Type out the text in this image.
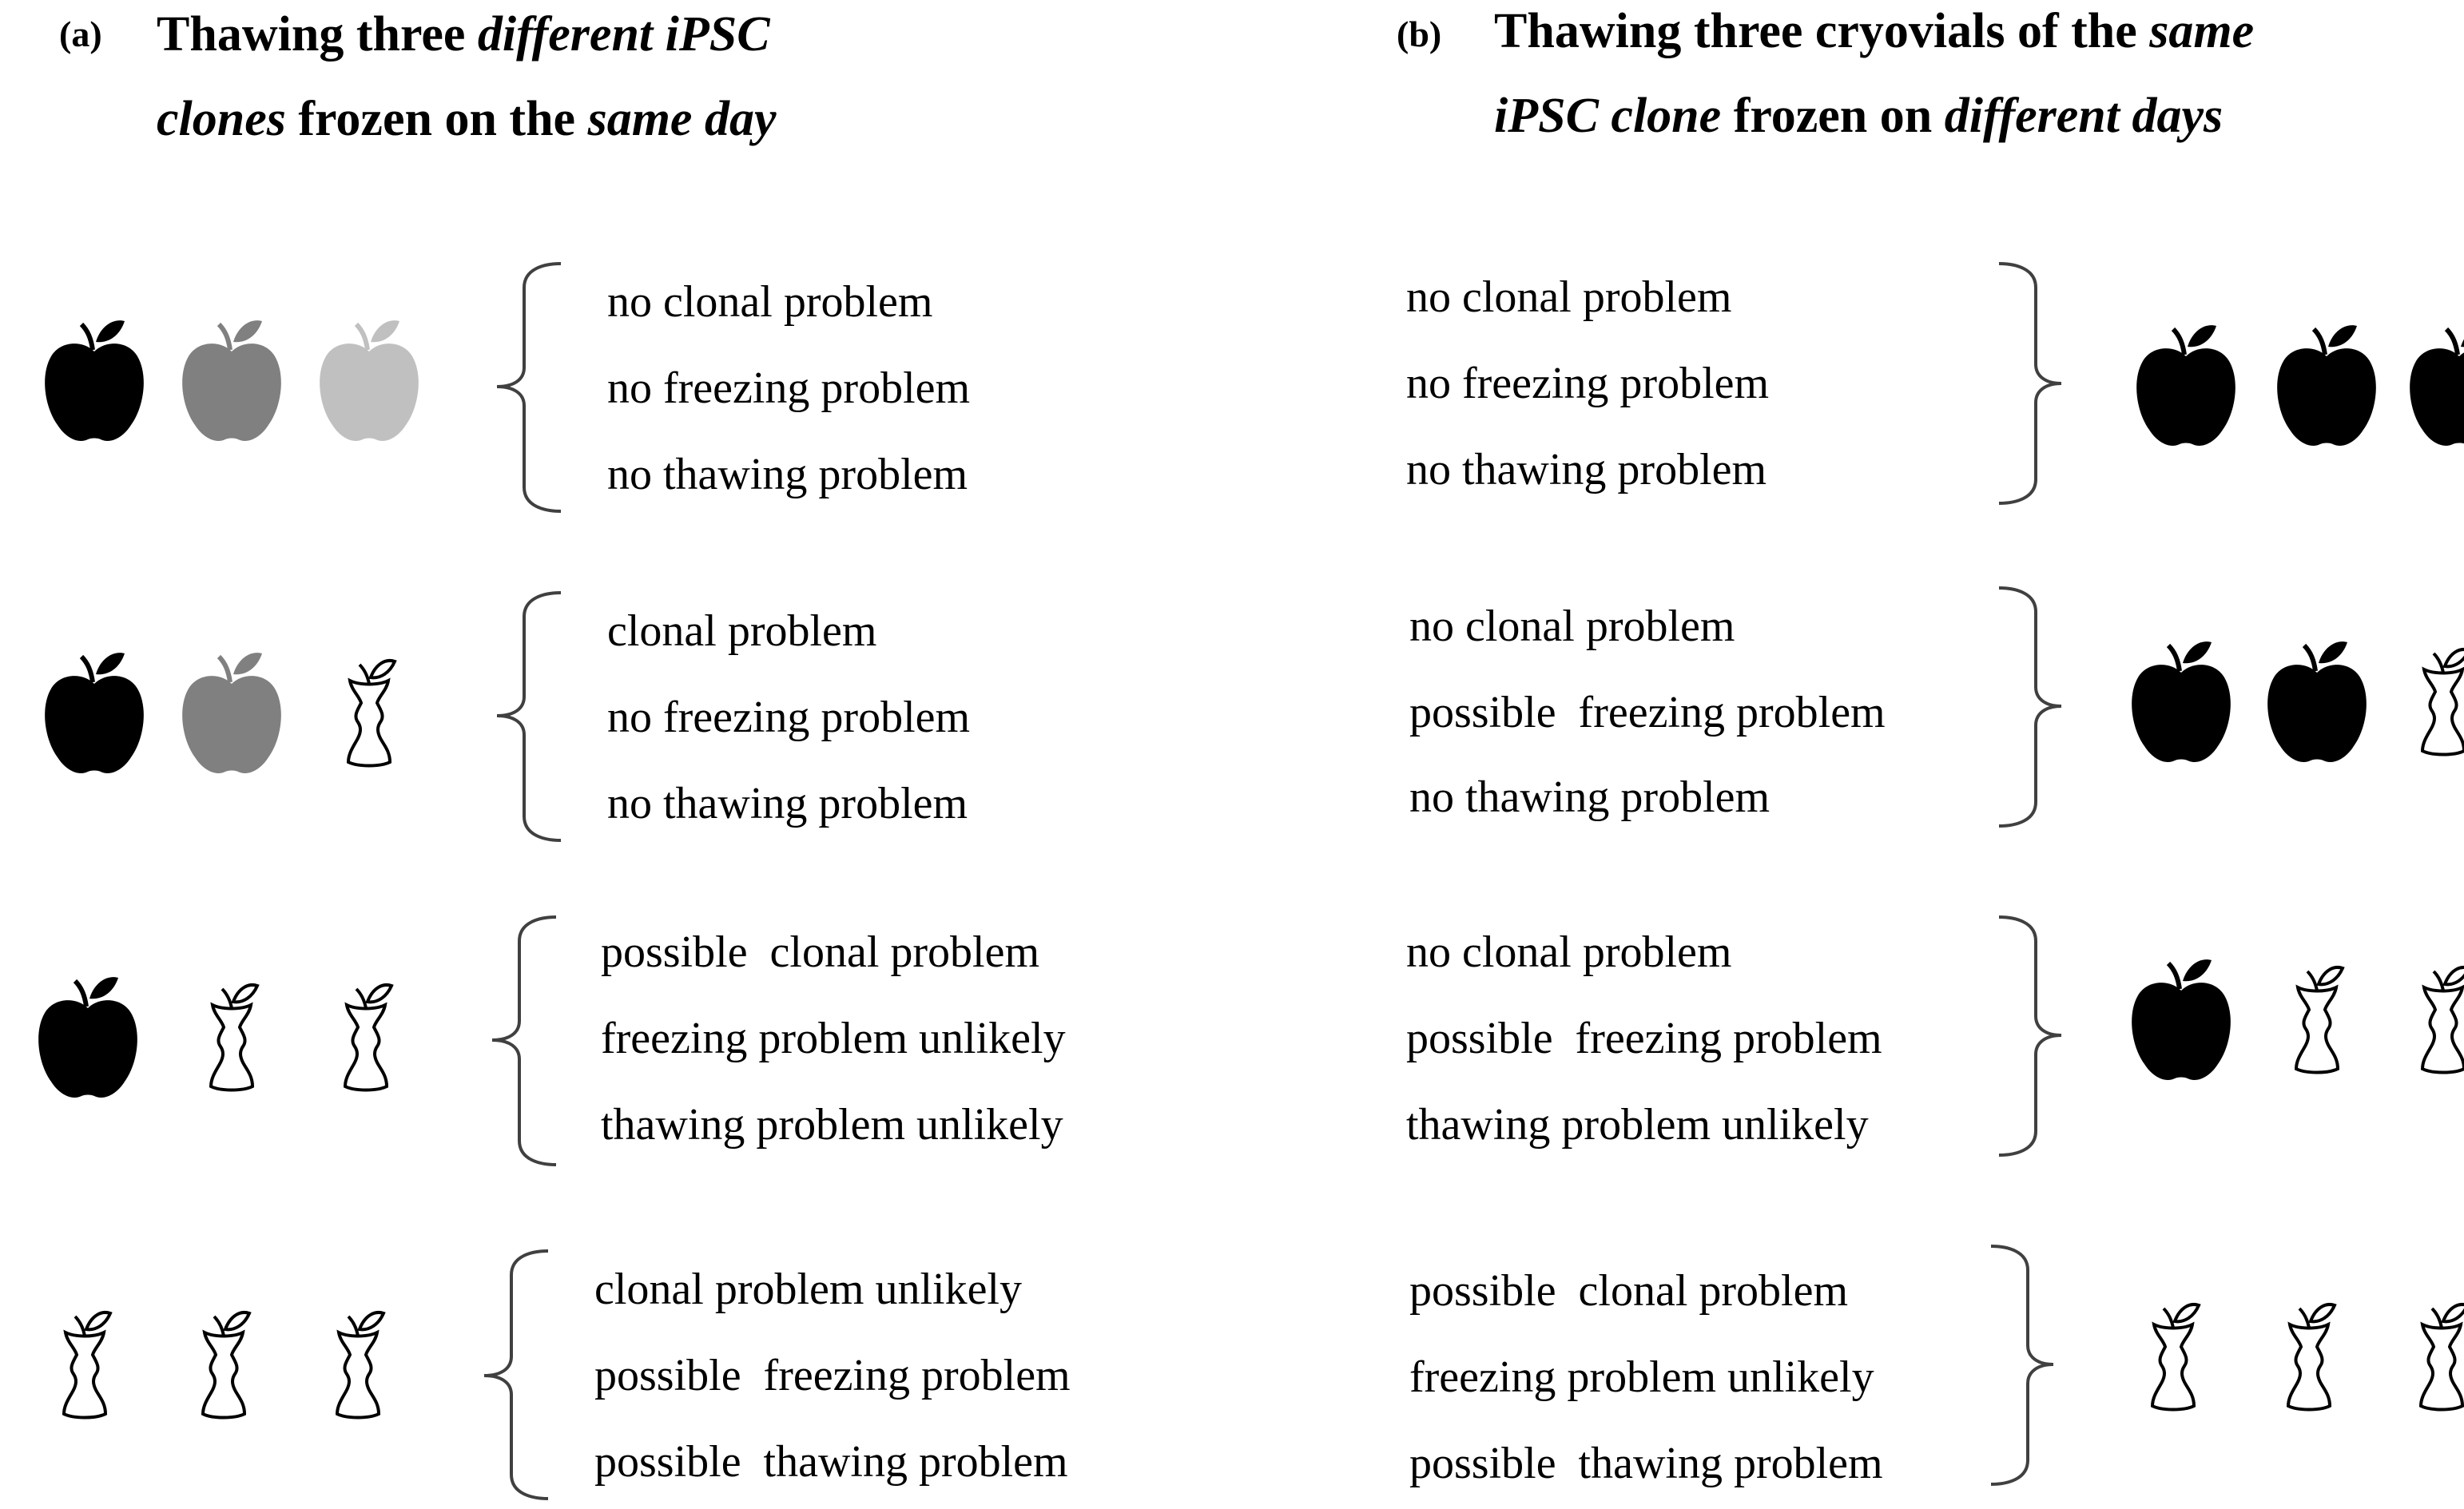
(a) Thawing three different iPSC
clones frozen on the same day
(b) Thawing three cryovials of the same
iPSC clone frozen on different days
no clonal problem
no freezing problem
no thawing problem
clonal problem
no freezing problem
no thawing problem
possible  clonal problem
freezing problem unlikely
thawing problem unlikely
clonal problem unlikely
possible  freezing problem
possible  thawing problem
no clonal problem
no freezing problem
no thawing problem
no clonal problem
possible  freezing problem
no thawing problem
no clonal problem
possible  freezing problem
thawing problem unlikely
possible  clonal problem
freezing problem unlikely
possible  thawing problem
